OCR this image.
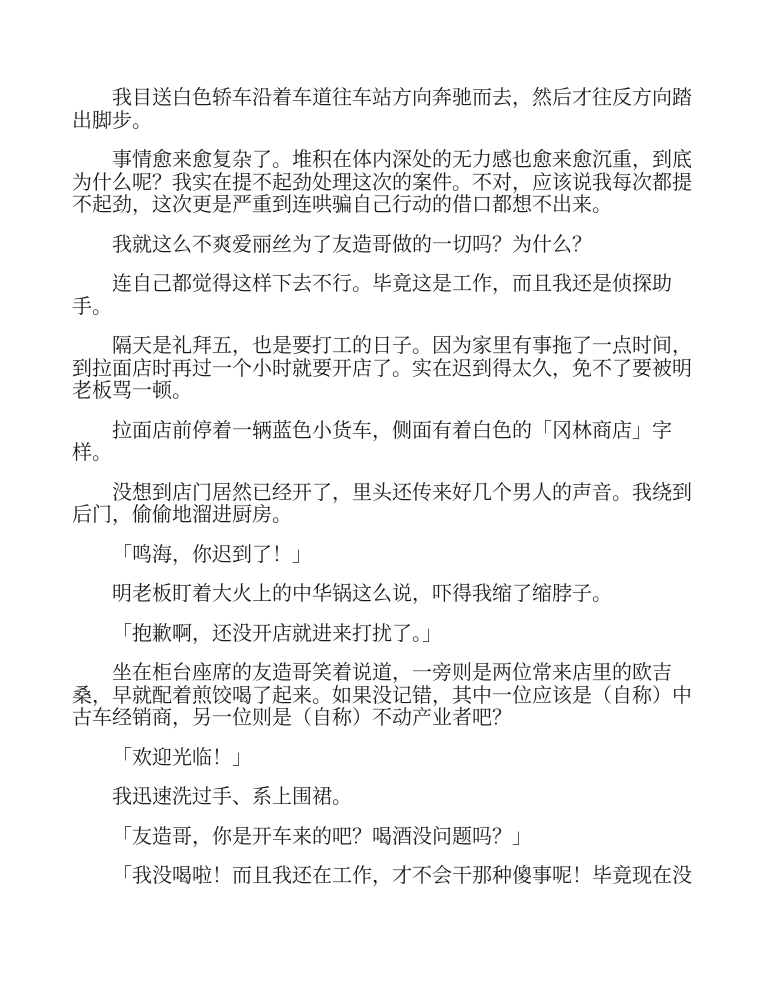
我目送白色轿车沿着车道往车站方向奔驰而去，然后才往反方向踏
出脚步。

事情愈来愈复杂了。堆积在体内深处的无力感也愈来愈沉重，到底
为什么呢？我实在提不起劲处理这次的案件。不对，应该说我每次都提
不起劲，这次更是严重到连哄骗自己行动的借口都想不出来。

我就这么不爽爱丽丝为了友造哥做的一切吗？为什么？

连自己都觉得这样下去不行。毕竟这是工作，而且我还是侦探助
手。

隔天是礼拜五，也是要打工的日子。因为家里有事拖了一点时间，
到拉面店时再过一个小时就要开店了。实在迟到得太久，免不了要被明
老板骂一顿。

拉面店前停着一辆蓝色小货车，侧面有着白色的「冈林商店」字
样。

没想到店门居然已经开了，里头还传来好几个男人的声音。我绕到
后门，偷偷地溜进厨房。

「鸣海，你迟到了！」

明老板盯着大火上的中华锅这么说，吓得我缩了缩脖子。

「抱歉啊，还没开店就进来打扰了。」

坐在柜台座席的友造哥笑着说道，一旁则是两位常来店里的欧吉
桑，早就配着煎饺喝了起来。如果没记错，其中一位应该是（自称）中
古车经销商，另一位则是（自称）不动产业者吧？

「欢迎光临！」

我迅速洗过手、系上围裙。

「友造哥，你是开车来的吧？喝酒没问题吗？」

「我没喝啦！而且我还在工作，才不会干那种傻事呢！毕竟现在没
